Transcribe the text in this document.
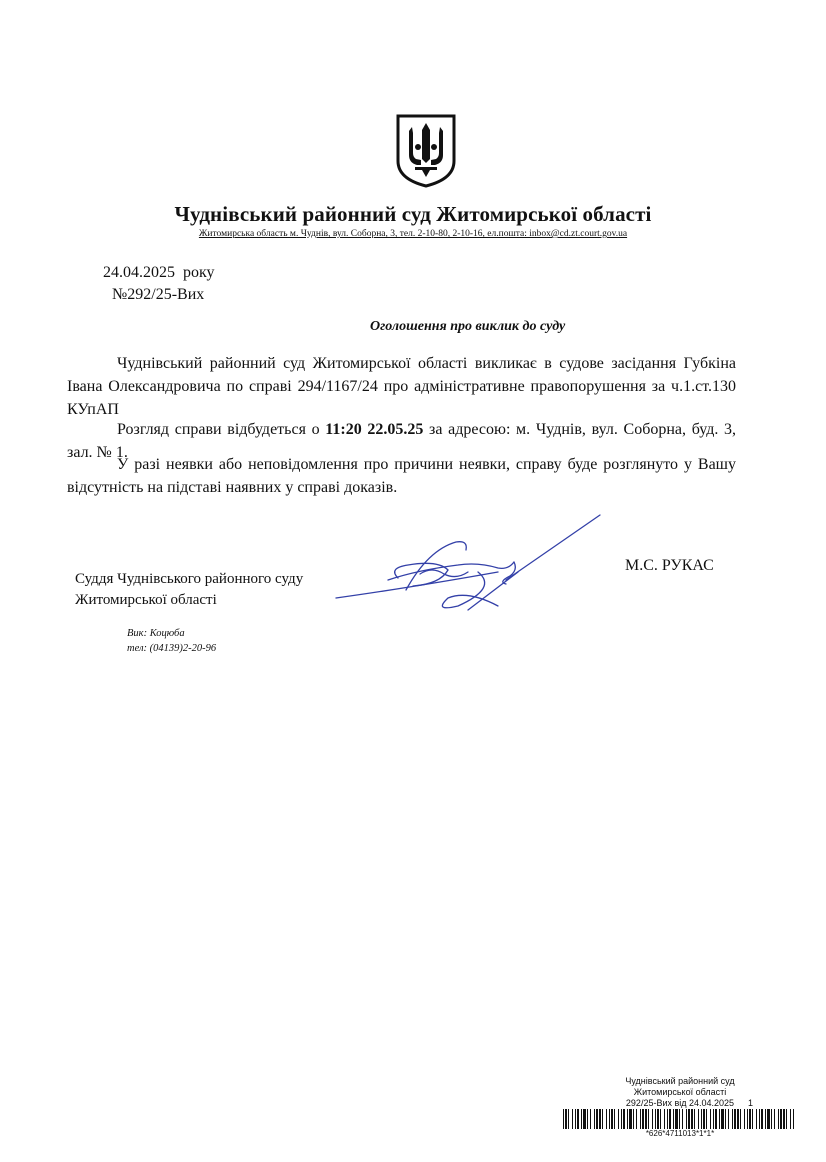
Чуднівський районний суд Житомирської області
Житомирська область м. Чуднів, вул. Соборна, 3, тел. 2-10-80, 2-10-16, ел.пошта: inbox@cd.zt.court.gov.ua
24.04.2025 року
№292/25-Вих
Оголошення про виклик до суду
Чуднівський районний суд Житомирської області викликає в судове засідання Губкіна Івана Олександровича по справі 294/1167/24 про адміністративне правопорушення за ч.1.ст.130 КУпАП
Розгляд справи відбудеться о 11:20 22.05.25 за адресою: м. Чуднів, вул. Соборна, буд. 3, зал. № 1.
У разі неявки або неповідомлення про причини неявки, справу буде розглянуто у Вашу відсутність на підставі наявних у справі доказів.
Суддя Чуднівського районного суду
Житомирської області
М.С. РУКАС
Вик: Коцюба
тел: (04139)2-20-96
Чуднівський районний суд
Житомирської області
292/25-Вих від 24.04.2025	1
*626*4711013*1*1*
